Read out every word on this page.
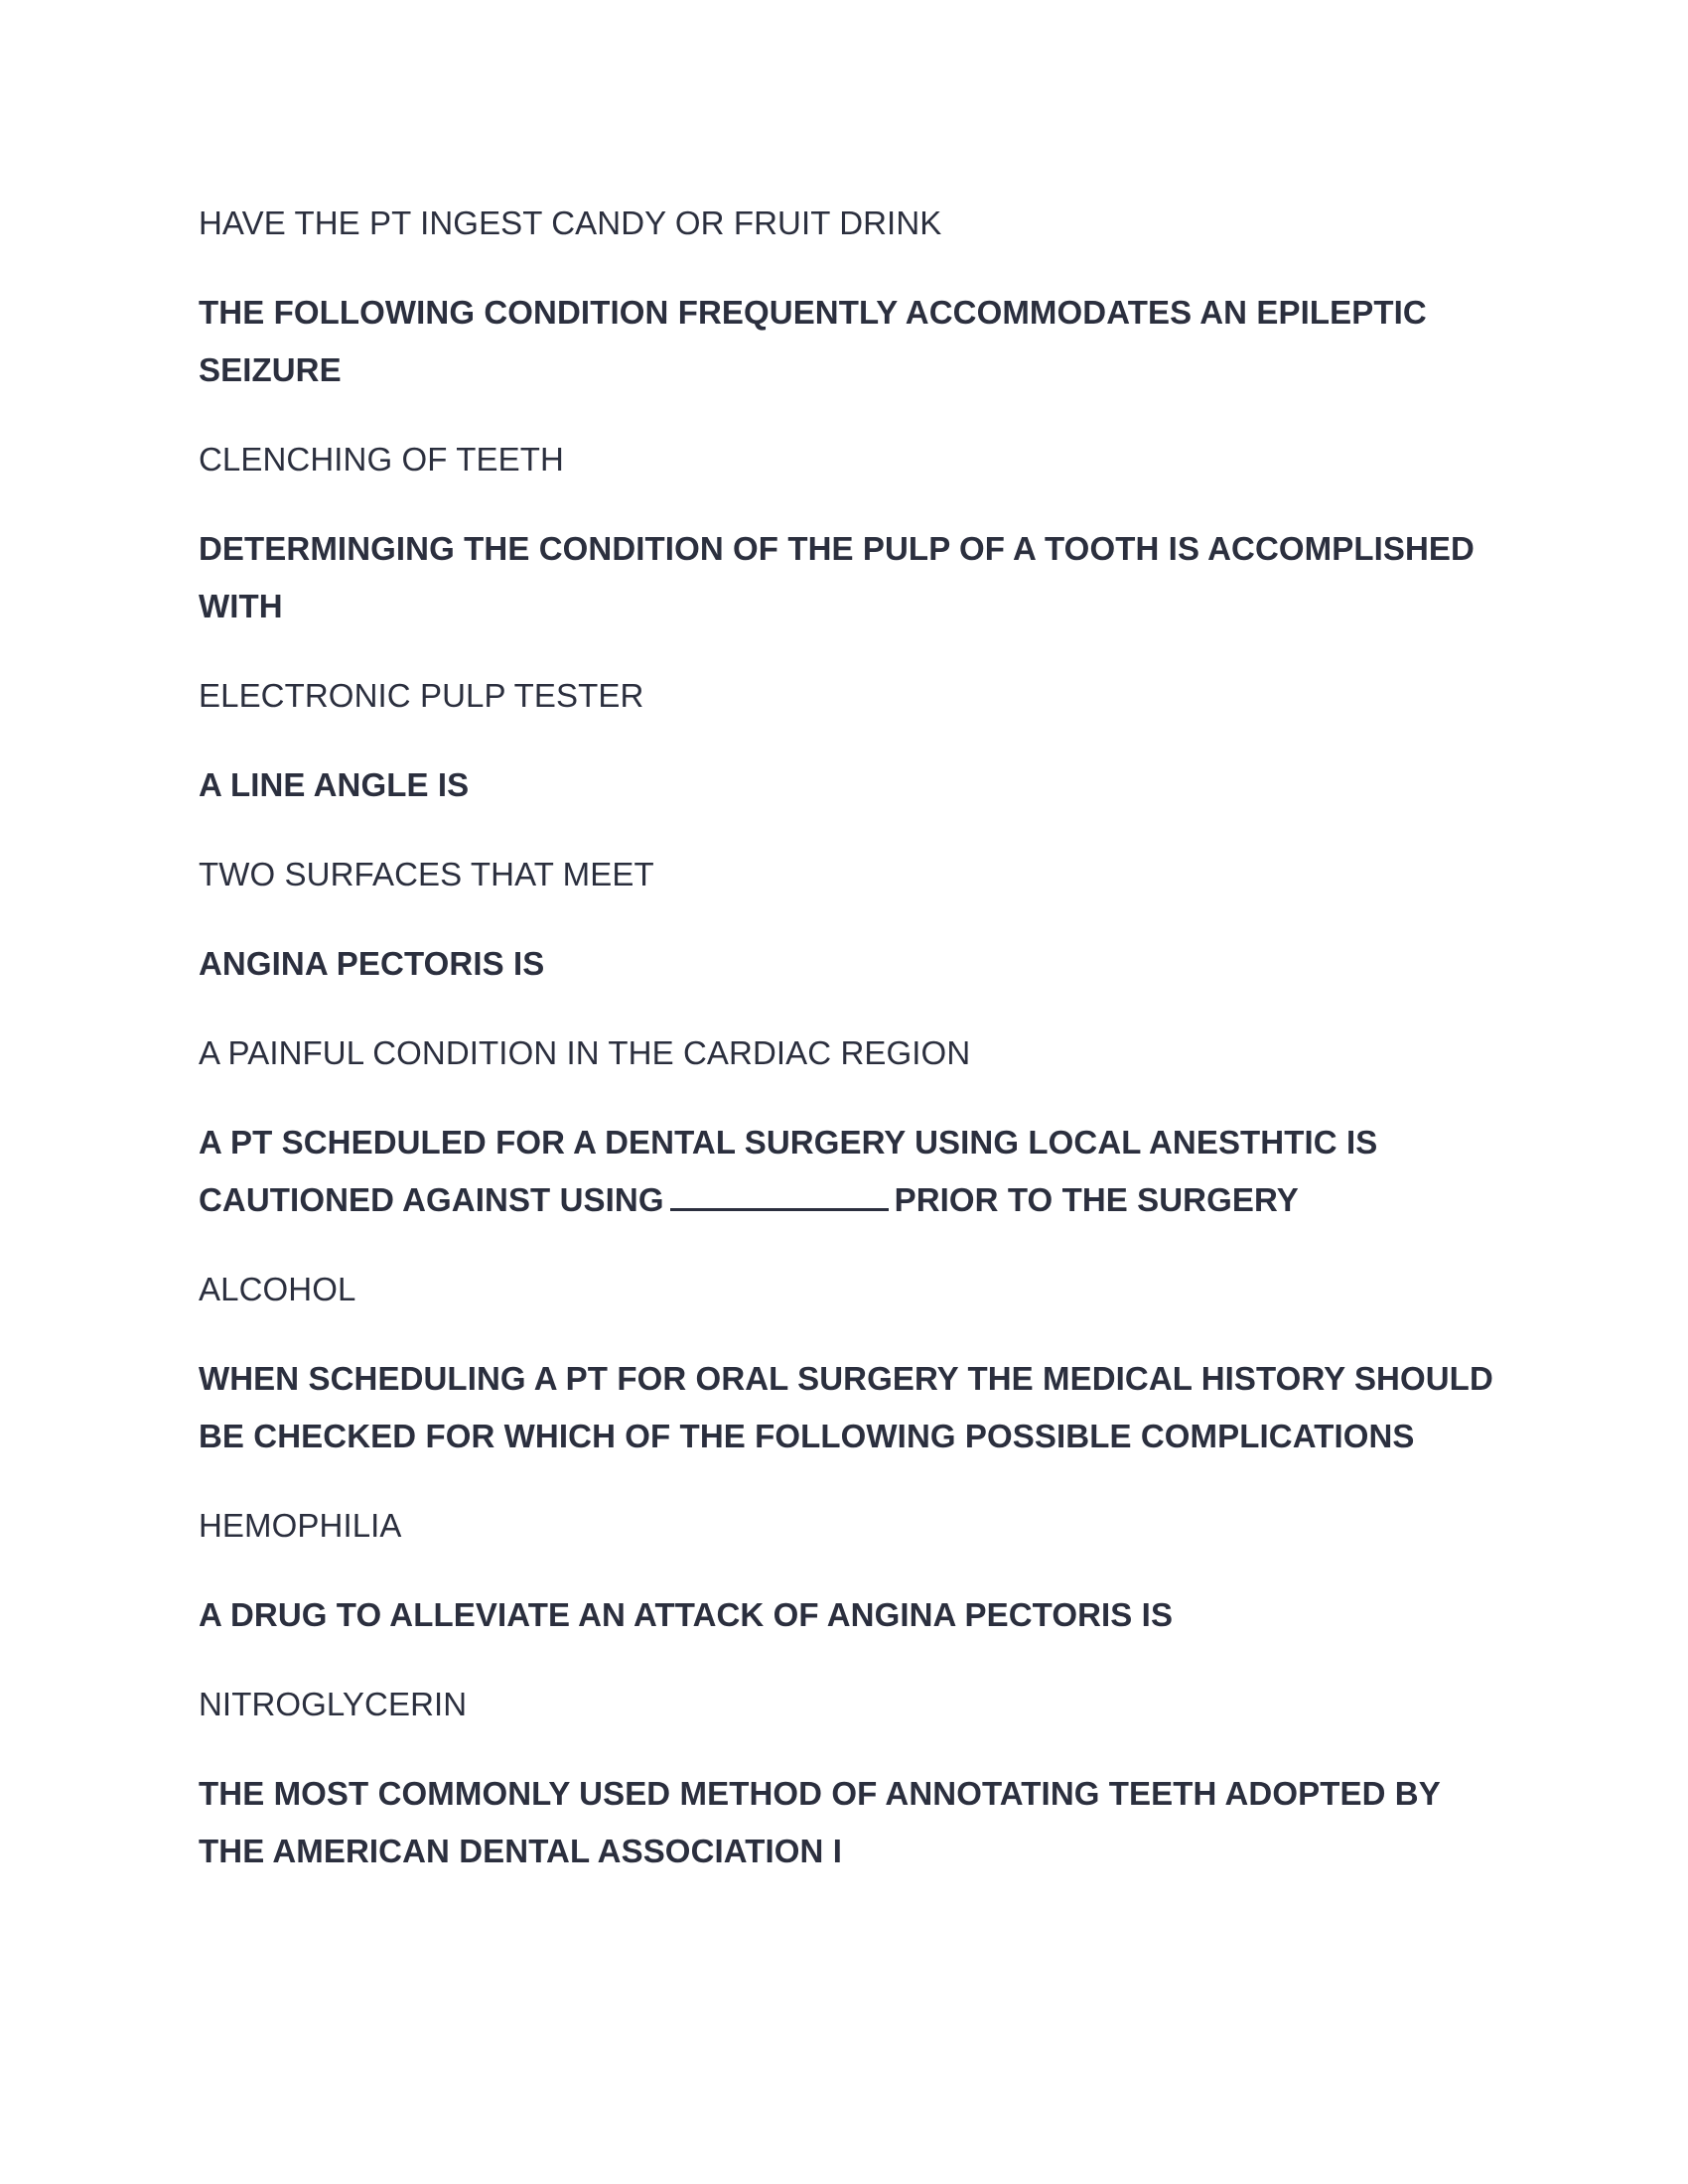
HAVE THE PT INGEST CANDY OR FRUIT DRINK

THE FOLLOWING CONDITION FREQUENTLY ACCOMMODATES AN EPILEPTIC SEIZURE

CLENCHING OF TEETH

DETERMINGING THE CONDITION OF THE PULP OF A TOOTH IS ACCOMPLISHED WITH

ELECTRONIC PULP TESTER

A LINE ANGLE IS

TWO SURFACES THAT MEET

ANGINA PECTORIS IS

A PAINFUL CONDITION IN THE CARDIAC REGION

A PT SCHEDULED FOR A DENTAL SURGERY USING LOCAL ANESTHTIC IS CAUTIONED AGAINST USING	PRIOR TO THE SURGERY

ALCOHOL

WHEN SCHEDULING A PT FOR ORAL SURGERY THE MEDICAL HISTORY SHOULD BE CHECKED FOR WHICH OF THE FOLLOWING POSSIBLE COMPLICATIONS

HEMOPHILIA

A DRUG TO ALLEVIATE AN ATTACK OF ANGINA PECTORIS IS

NITROGLYCERIN

THE MOST COMMONLY USED METHOD OF ANNOTATING TEETH ADOPTED BY THE AMERICAN DENTAL ASSOCIATION I
